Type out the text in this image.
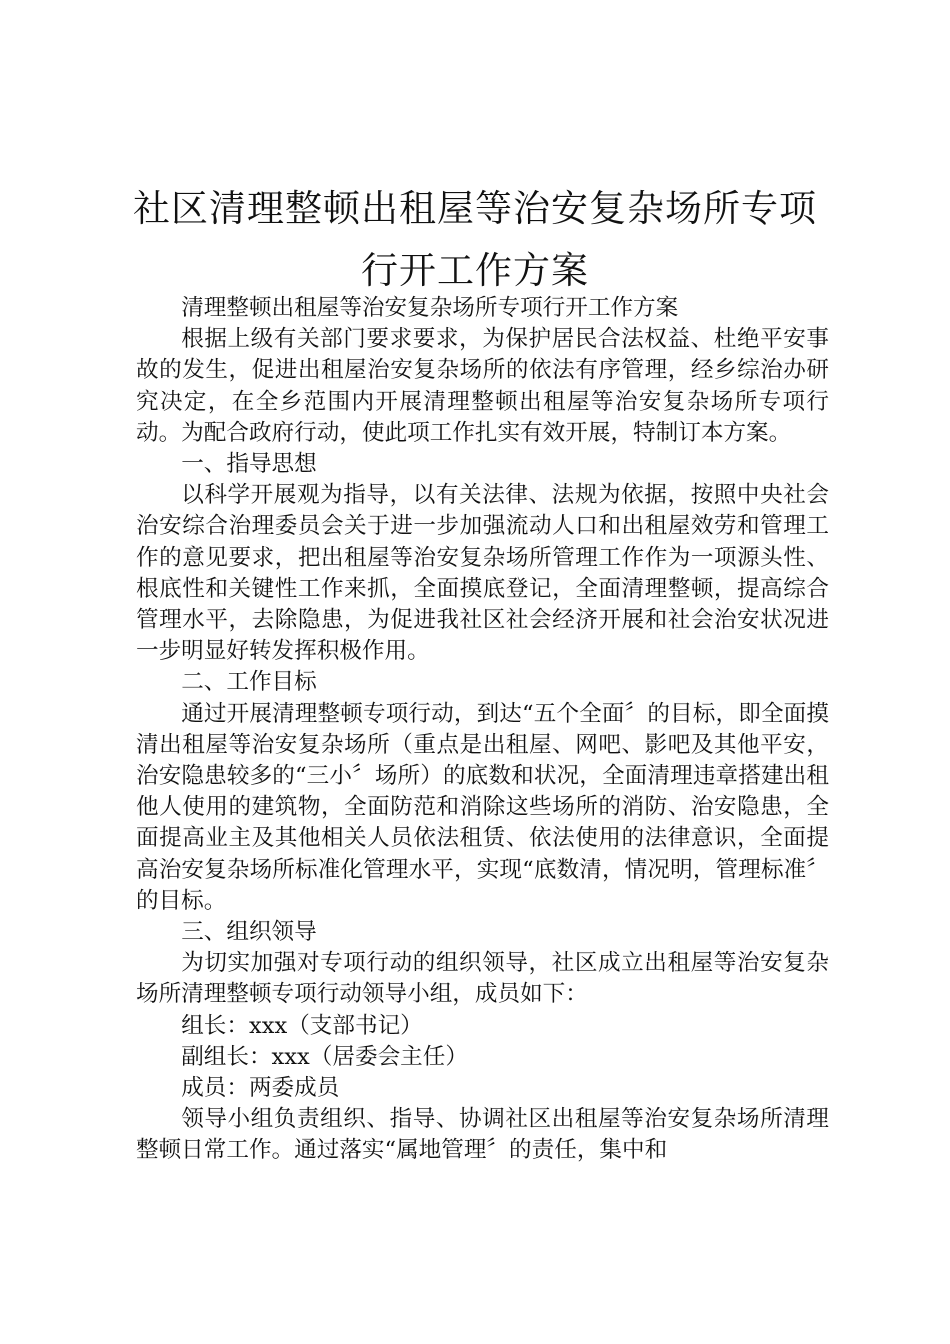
社区清理整顿出租屋等治安复杂场所专项行开工作方案

清理整顿出租屋等治安复杂场所专项行开工作方案

根据上级有关部门要求要求，为保护居民合法权益、杜绝平安事故的发生，促进出租屋治安复杂场所的依法有序管理，经乡综治办研究决定，在全乡范围内开展清理整顿出租屋等治安复杂场所专项行动。为配合政府行动，使此项工作扎实有效开展，特制订本方案。

一、指导思想

以科学开展观为指导，以有关法律、法规为依据，按照中央社会治安综合治理委员会关于进一步加强流动人口和出租屋效劳和管理工作的意见要求，把出租屋等治安复杂场所管理工作作为一项源头性、根底性和关键性工作来抓，全面摸底登记，全面清理整顿，提高综合管理水平，去除隐患，为促进我社区社会经济开展和社会治安状况进一步明显好转发挥积极作用。

二、工作目标

通过开展清理整顿专项行动，到达“五个全面〞的目标，即全面摸清出租屋等治安复杂场所（重点是出租屋、网吧、影吧及其他平安，治安隐患较多的“三小〞场所）的底数和状况，全面清理违章搭建出租他人使用的建筑物，全面防范和消除这些场所的消防、治安隐患，全面提高业主及其他相关人员依法租赁、依法使用的法律意识，全面提高治安复杂场所标准化管理水平，实现“底数清，情况明，管理标准〞的目标。

三、组织领导

为切实加强对专项行动的组织领导，社区成立出租屋等治安复杂场所清理整顿专项行动领导小组，成员如下：

组长：xxx（支部书记）

副组长：xxx（居委会主任）

成员：两委成员

领导小组负责组织、指导、协调社区出租屋等治安复杂场所清理整顿日常工作。通过落实“属地管理〞的责任，集中和
